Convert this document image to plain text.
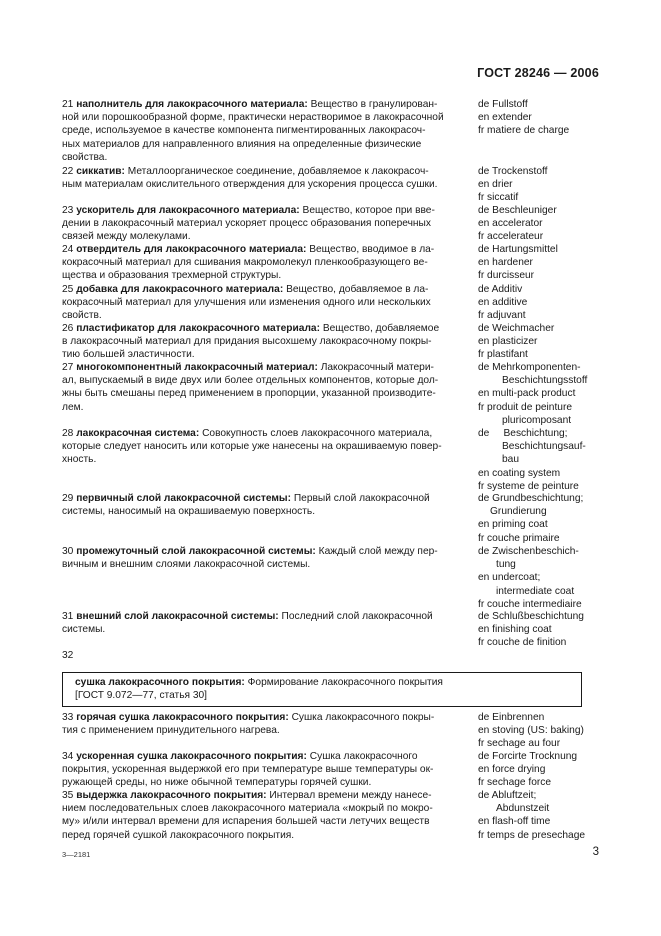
ГОСТ 28246 — 2006
21 наполнитель для лакокрасочного материала: Веществo в гранулирован-
ной или порошкообразной форме, практически нерастворимое в лакокрасочной
среде, используемое в качестве компонента пигментированных лакокрасоч-
ных материалов для направленного влияния на определенные физические
свойства.
de Fullstoff
en extender
fr matiere de charge
22 сиккатив: Металлоорганическое соединение, добавляемое к лакокрасоч-
ным материалам окислительного отверждения для ускорения процесса сушки.
de Trockenstoff
en drier
fr siccatif
23 ускоритель для лакокрасочного материала: Вещество, которое при вве-
дении в лакокрасочный материал ускоряет процесс образования поперечных
связей между молекулами.
de Beschleuniger
en accelerator
fr accelerateur
24 отвердитель для лакокрасочного материала: Вещество, вводимое в ла-
кокрасочный материал для сшивания макромолекул пленкообразующего ве-
щества и образования трехмерной структуры.
de Hartungsmittel
en hardener
fr durcisseur
25 добавка для лакокрасочного материала: Вещество, добавляемое в ла-
кокрасочный материал для улучшения или изменения одного или нескольких
свойств.
de Additiv
en additive
fr adjuvant
26 пластификатор для лакокрасочного материала: Вещество, добавляемое
в лакокрасочный материал для придания высохшему лакокрасочному покры-
тию большей эластичности.
de Weichmacher
en plasticizer
fr plastifant
27 многокомпонентный лакокрасочный материал: Лакокрасочный матери-
ал, выпускаемый в виде двух или более отдельных компонентов, которые дол-
жны быть смешаны перед применением в пропорции, указанной производите-
лем.
de Mehrkomponenten-
Beschichtungsstoff
en multi-pack product
fr produit de peinture
pluricomposant
28 лакокрасочная система: Совокупность слоев лакокрасочного материала,
которые следует наносить или которые уже нанесены на окрашиваемую повер-
хность.
de     Beschichtung;
Beschichtungsauf-
bau
en coating system
fr systeme de peinture
29 первичный слой лакокрасочной системы: Первый слой лакокрасочной
системы, наносимый на окрашиваемую поверхность.
de Grundbeschichtung;
Grundierung
en priming coat
fr couche primaire
30 промежуточный слой лакокрасочной системы: Каждый слой между пер-
вичным и внешним слоями лакокрасочной системы.
de Zwischenbeschich-
tung
en undercoat;
intermediate coat
fr couche intermediaire
31 внешний слой лакокрасочной системы: Последний слой лакокрасочной
системы.
de Schlußbeschichtung
en finishing coat
fr couche de finition
32
сушка лакокрасочного покрытия: Формирование лакокрасочного покрытия
[ГОСТ 9.072—77, статья 30]
33 горячая сушка лакокрасочного покрытия: Сушка лакокрасочного покры-
тия с применением принудительного нагрева.
de Einbrennen
en stoving (US: baking)
fr sechage au four
34 ускоренная сушка лакокрасочного покрытия: Сушка лакокрасочного
покрытия, ускоренная выдержкой его при температуре выше температуры ок-
ружающей среды, но ниже обычной температуры горячей сушки.
de Forcirte Trocknung
en force drying
fr sechage force
35 выдержка лакокрасочного покрытия: Интервал времени между нанесе-
нием последовательных слоев лакокрасочного материала «мокрый по мокро-
му» и/или интервал времени для испарения большей части летучих веществ
перед горячей сушкой лакокрасочного покрытия.
de Abluftzeit;
Abdunstzeit
en flash-off time
fr temps de presechage
3—2181	3
